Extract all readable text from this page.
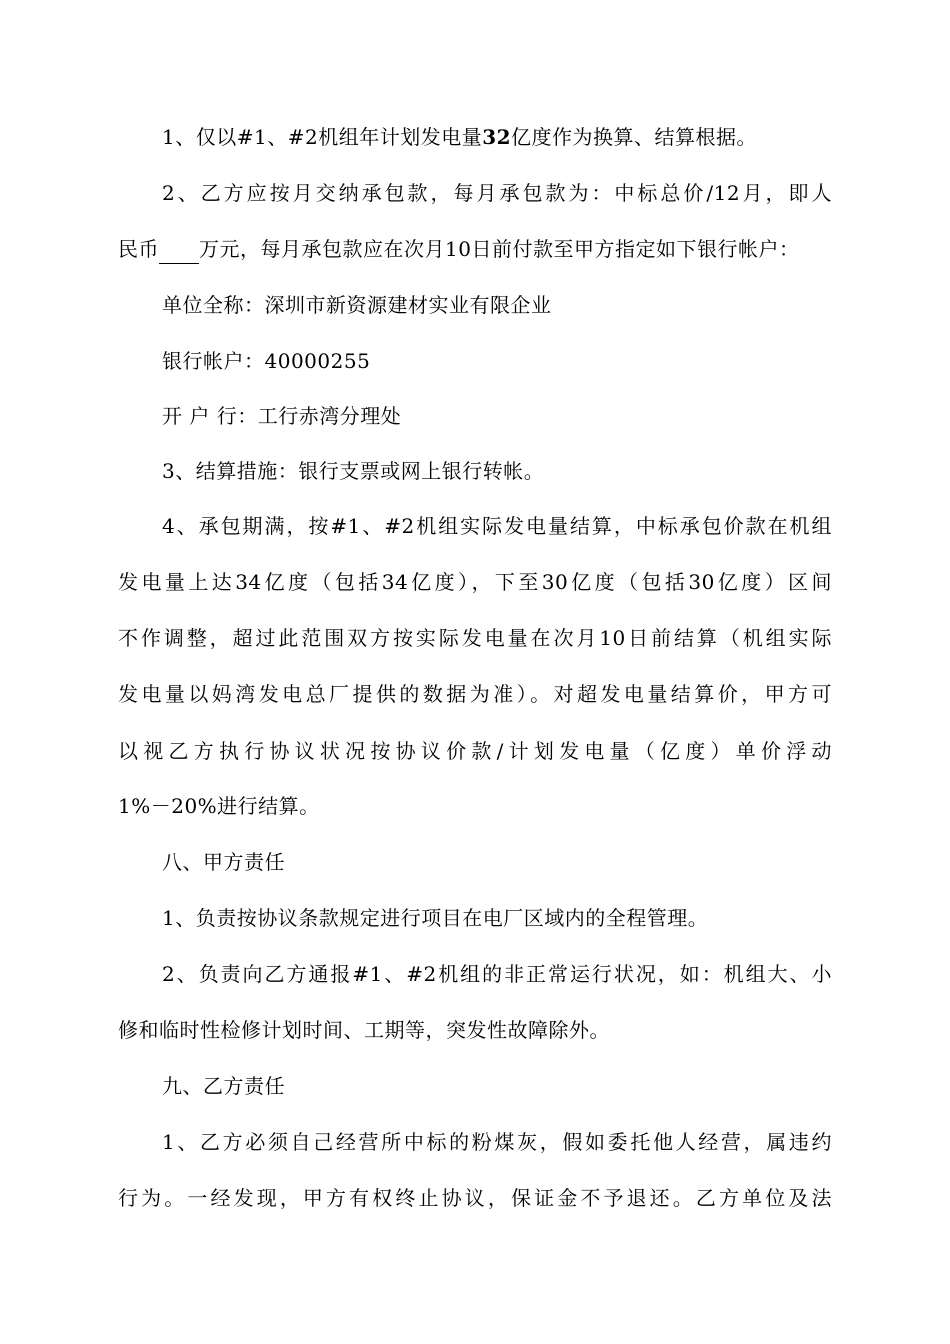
1、仅以#1、#2机组年计划发电量32亿度作为换算、结算根据。
2、乙方应按月交纳承包款，每月承包款为：中标总价/12月，即人
民币 万元，每月承包款应在次月10日前付款至甲方指定如下银行帐户：
单位全称：深圳市新资源建材实业有限企业
银行帐户：40000255
开 户 行：工行赤湾分理处
3、结算措施：银行支票或网上银行转帐。
4、承包期满，按#1、#2机组实际发电量结算，中标承包价款在机组
发电量上达34亿度（包括34亿度），下至30亿度（包括30亿度）区间
不作调整，超过此范围双方按实际发电量在次月10日前结算（机组实际
发电量以妈湾发电总厂提供的数据为准）。对超发电量结算价，甲方可
以视乙方执行协议状况按协议价款/计划发电量（亿度）单价浮动
1%－20%进行结算。
八、甲方责任
1、负责按协议条款规定进行项目在电厂区域内的全程管理。
2、负责向乙方通报#1、#2机组的非正常运行状况，如：机组大、小
修和临时性检修计划时间、工期等，突发性故障除外。
九、乙方责任
1、乙方必须自己经营所中标的粉煤灰，假如委托他人经营，属违约
行为。一经发现，甲方有权终止协议，保证金不予退还。乙方单位及法
